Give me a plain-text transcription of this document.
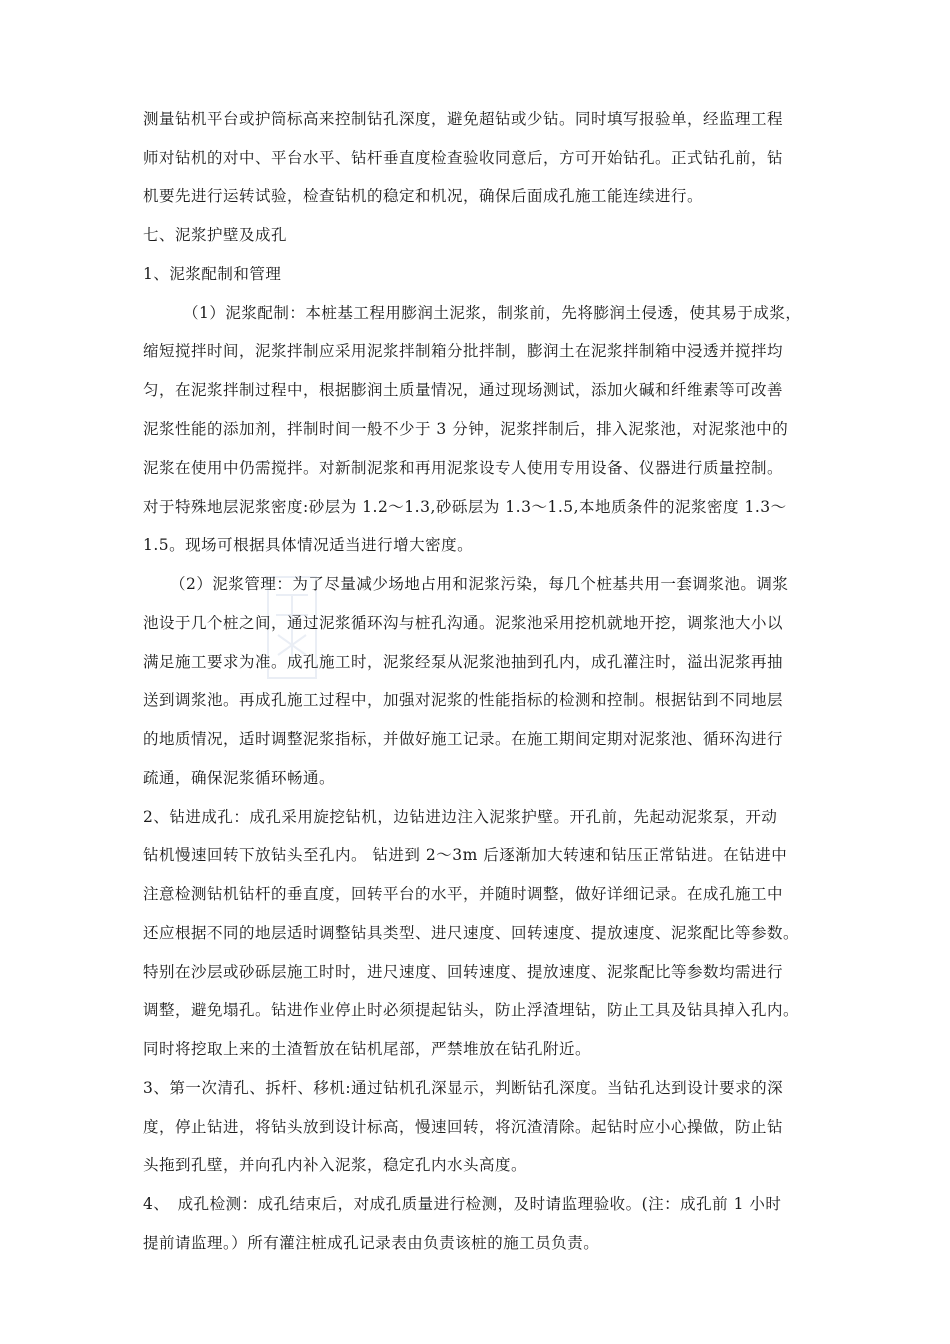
测量钻机平台或护筒标高来控制钻孔深度，避免超钻或少钻。同时填写报验单，经监理工程
师对钻机的对中、平台水平、钻杆垂直度检查验收同意后，方可开始钻孔。正式钻孔前，钻
机要先进行运转试验，检查钻机的稳定和机况，确保后面成孔施工能连续进行。
七、泥浆护壁及成孔
1、泥浆配制和管理
（1）泥浆配制：本桩基工程用膨润土泥浆，制浆前，先将膨润土侵透，使其易于成浆，
缩短搅拌时间，泥浆拌制应采用泥浆拌制箱分批拌制，膨润土在泥浆拌制箱中浸透并搅拌均
匀，在泥浆拌制过程中，根据膨润土质量情况，通过现场测试，添加火碱和纤维素等可改善
泥浆性能的添加剂，拌制时间一般不少于 3 分钟，泥浆拌制后，排入泥浆池，对泥浆池中的
泥浆在使用中仍需搅拌。对新制泥浆和再用泥浆设专人使用专用设备、仪器进行质量控制。
对于特殊地层泥浆密度:砂层为 1.2～1.3,砂砾层为 1.3～1.5,本地质条件的泥浆密度 1.3～
1.5。现场可根据具体情况适当进行增大密度。
（2）泥浆管理：为了尽量减少场地占用和泥浆污染，每几个桩基共用一套调浆池。调浆
池设于几个桩之间，通过泥浆循环沟与桩孔沟通。泥浆池采用挖机就地开挖，调浆池大小以
满足施工要求为准。成孔施工时，泥浆经泵从泥浆池抽到孔内，成孔灌注时，溢出泥浆再抽
送到调浆池。再成孔施工过程中，加强对泥浆的性能指标的检测和控制。根据钻到不同地层
的地质情况，适时调整泥浆指标，并做好施工记录。在施工期间定期对泥浆池、循环沟进行
疏通，确保泥浆循环畅通。
2、钻进成孔：成孔采用旋挖钻机，边钻进边注入泥浆护壁。开孔前，先起动泥浆泵，开动
钻机慢速回转下放钻头至孔内。 钻进到 2～3m 后逐渐加大转速和钻压正常钻进。在钻进中
注意检测钻机钻杆的垂直度，回转平台的水平，并随时调整，做好详细记录。在成孔施工中
还应根据不同的地层适时调整钻具类型、进尺速度、回转速度、提放速度、泥浆配比等参数。
特别在沙层或砂砾层施工时时，进尺速度、回转速度、提放速度、泥浆配比等参数均需进行
调整，避免塌孔。钻进作业停止时必须提起钻头，防止浮渣埋钻，防止工具及钻具掉入孔内。
同时将挖取上来的土渣暂放在钻机尾部，严禁堆放在钻孔附近。
3、第一次清孔、拆杆、移机:通过钻机孔深显示，判断钻孔深度。当钻孔达到设计要求的深
度，停止钻进，将钻头放到设计标高，慢速回转，将沉渣清除。起钻时应小心操做，防止钻
头拖到孔壁，并向孔内补入泥浆，稳定孔内水头高度。
4、　成孔检测：成孔结束后，对成孔质量进行检测，及时请监理验收。(注：成孔前 1 小时
提前请监理。）所有灌注桩成孔记录表由负责该桩的施工员负责。
